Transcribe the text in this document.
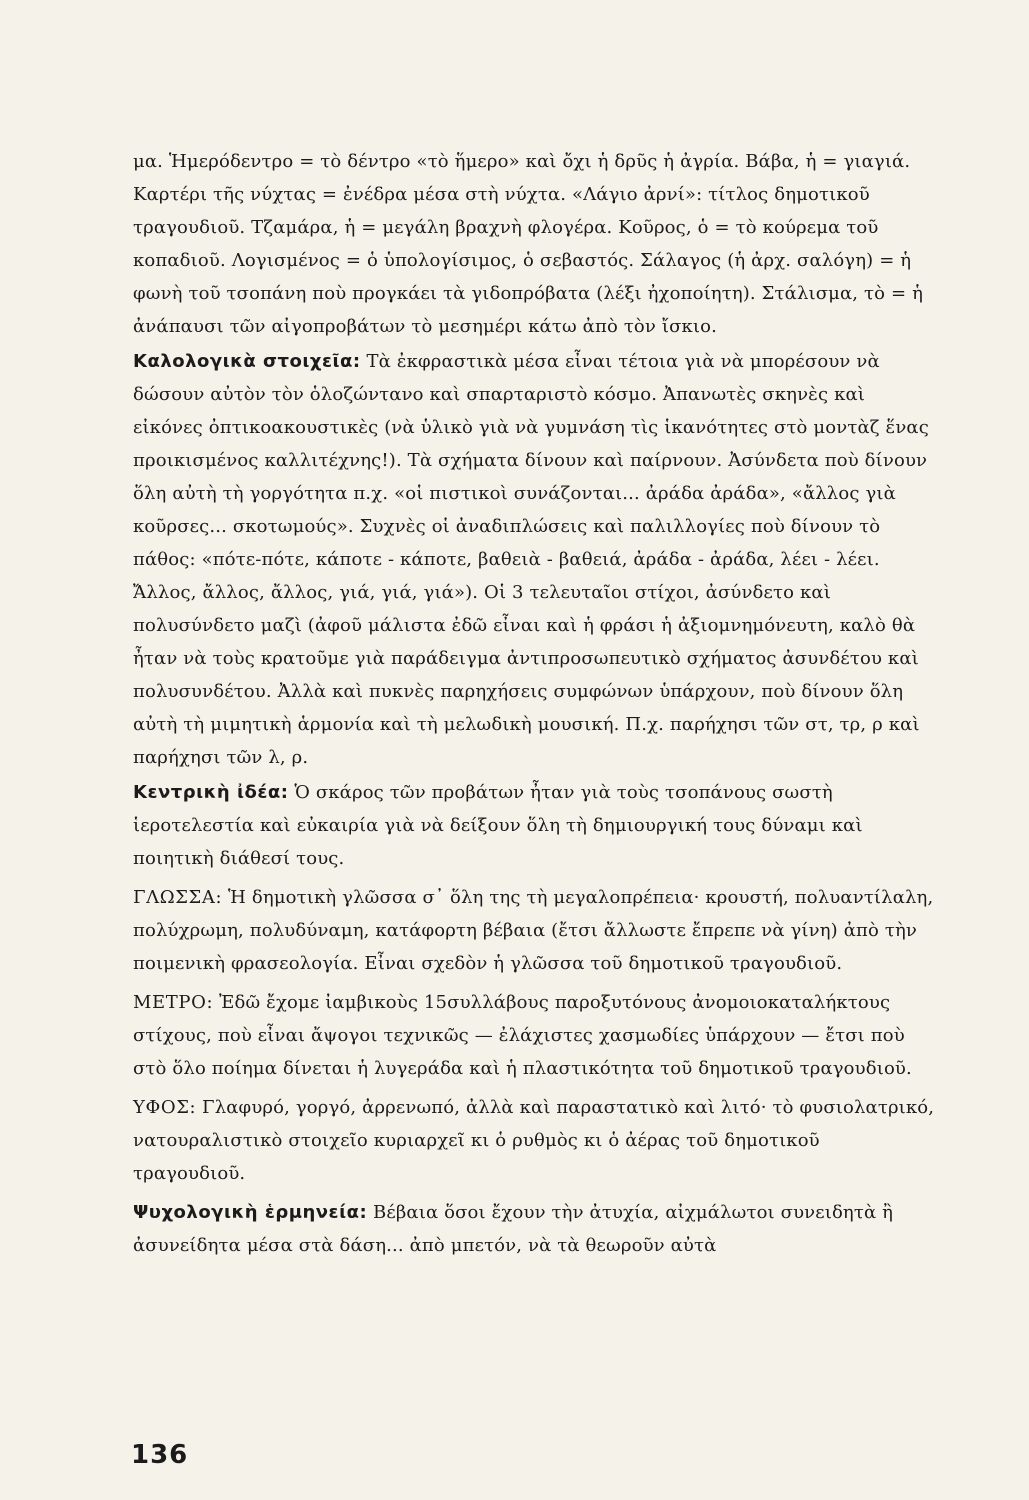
μα. Ἡμερόδεντρο = τὸ δέντρο «τὸ ἥμερο» καὶ ὄχι ἡ δρῦς ἡ ἀγρία. Βάβα, ἡ = γιαγιά. Καρτέρι τῆς νύχτας = ἐνέδρα μέσα στὴ νύχτα. «Λάγιο ἀρνί»: τίτλος δημοτικοῦ τραγουδιοῦ. Τζαμάρα, ἡ = μεγάλη βραχνὴ φλογέρα. Κοῦρος, ὁ = τὸ κούρεμα τοῦ κοπαδιοῦ. Λογισμένος = ὁ ὑπολογίσιμος, ὁ σεβαστός. Σάλαγος (ἡ ἀρχ. σαλόγη) = ἡ φωνὴ τοῦ τσοπάνη ποὺ προγκάει τὰ γιδοπρόβατα (λέξι ἠχοποίητη). Στάλισμα, τὸ = ἡ ἀνάπαυσι τῶν αἰγοπροβάτων τὸ μεσημέρι κάτω ἀπὸ τὸν ἴσκιο.

Καλολογικὰ στοιχεῖα: Τὰ ἐκφραστικὰ μέσα εἶναι τέτοια γιὰ νὰ μπορέσουν νὰ δώσουν αὐτὸν τὸν ὁλοζώντανο καὶ σπαρταριστὸ κόσμο. Ἀπανωτὲς σκηνὲς καὶ εἰκόνες ὀπτικοακουστικὲς (νὰ ὑλικὸ γιὰ νὰ γυμνάση τὶς ἱκανότητες στὸ μοντὰζ ἕνας προικισμένος καλλιτέχνης!). Τὰ σχήματα δίνουν καὶ παίρνουν. Ἀσύνδετα ποὺ δίνουν ὅλη αὐτὴ τὴ γοργότητα π.χ. «οἱ πιστικοὶ συνάζονται... ἀράδα ἀράδα», «ἄλλος γιὰ κοῦρσες... σκοτωμούς». Συχνὲς οἱ ἀναδιπλώσεις καὶ παλιλλογίες ποὺ δίνουν τὸ πάθος: «πότε-πότε, κάποτε - κάποτε, βαθειὰ - βαθειά, ἀράδα - ἀράδα, λέει - λέει. Ἄλλος, ἄλλος, ἄλλος, γιά, γιά, γιά»). Οἱ 3 τελευταῖοι στίχοι, ἀσύνδετο καὶ πολυσύνδετο μαζὶ (ἀφοῦ μάλιστα ἐδῶ εἶναι καὶ ἡ φράσι ἡ ἀξιομνημόνευτη, καλὸ θὰ ἦταν νὰ τοὺς κρατοῦμε γιὰ παράδειγμα ἀντιπροσωπευτικὸ σχήματος ἀσυνδέτου καὶ πολυσυνδέτου. Ἀλλὰ καὶ πυκνὲς παρηχήσεις συμφώνων ὑπάρχουν, ποὺ δίνουν ὅλη αὐτὴ τὴ μιμητικὴ ἁρμονία καὶ τὴ μελωδικὴ μουσική. Π.χ. παρήχησι τῶν στ, τρ, ρ καὶ παρήχησι τῶν λ, ρ.

Κεντρικὴ ἰδέα: Ὁ σκάρος τῶν προβάτων ἦταν γιὰ τοὺς τσοπάνους σωστὴ ἱεροτελεστία καὶ εὐκαιρία γιὰ νὰ δείξουν ὅλη τὴ δημιουργική τους δύναμι καὶ ποιητικὴ διάθεσί τους.

ΓΛΩΣΣΑ: Ἡ δημοτικὴ γλῶσσα σ᾽ ὅλη της τὴ μεγαλοπρέπεια· κρουστή, πολυαντίλαλη, πολύχρωμη, πολυδύναμη, κατάφορτη βέβαια (ἔτσι ἄλλωστε ἔπρεπε νὰ γίνη) ἀπὸ τὴν ποιμενικὴ φρασεολογία. Εἶναι σχεδὸν ἡ γλῶσσα τοῦ δημοτικοῦ τραγουδιοῦ.

ΜΕΤΡΟ: Ἐδῶ ἔχομε ἰαμβικοὺς 15συλλάβους παροξυτόνους ἀνομοιοκαταλήκτους στίχους, ποὺ εἶναι ἄψογοι τεχνικῶς — ἐλάχιστες χασμωδίες ὑπάρχουν — ἔτσι ποὺ στὸ ὅλο ποίημα δίνεται ἡ λυγεράδα καὶ ἡ πλαστικότητα τοῦ δημοτικοῦ τραγουδιοῦ.

ΥΦΟΣ: Γλαφυρό, γοργό, ἀρρενωπό, ἀλλὰ καὶ παραστατικὸ καὶ λιτό· τὸ φυσιολατρικό, νατουραλιστικὸ στοιχεῖο κυριαρχεῖ κι ὁ ρυθμὸς κι ὁ ἀέρας τοῦ δημοτικοῦ τραγουδιοῦ.

Ψυχολογικὴ ἑρμηνεία: Βέβαια ὅσοι ἔχουν τὴν ἀτυχία, αἰχμάλωτοι συνειδητὰ ἢ ἀσυνείδητα μέσα στὰ δάση... ἀπὸ μπετόν, νὰ τὰ θεωροῦν αὐτὰ

136
